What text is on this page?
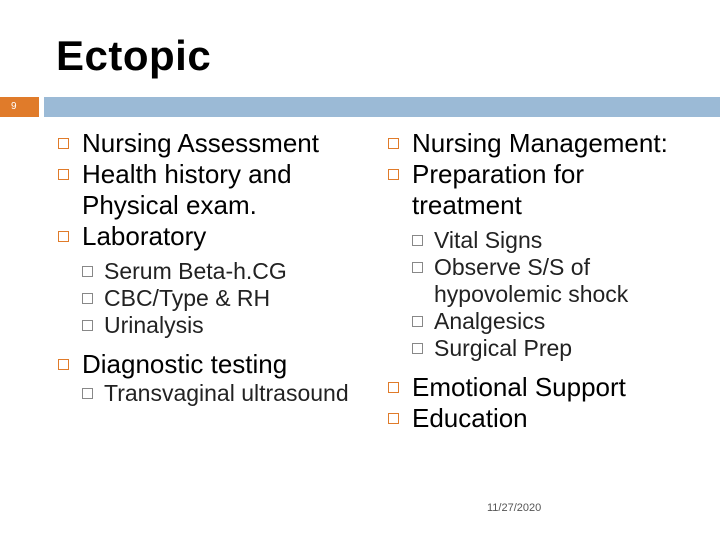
Ectopic
9
Nursing Assessment
Health history and Physical exam.
Laboratory
Serum Beta-h.CG
CBC/Type & RH
Urinalysis
Diagnostic testing
Transvaginal ultrasound
Nursing Management:
Preparation for treatment
Vital Signs
Observe S/S of hypovolemic shock
Analgesics
Surgical Prep
Emotional Support
Education
11/27/2020
